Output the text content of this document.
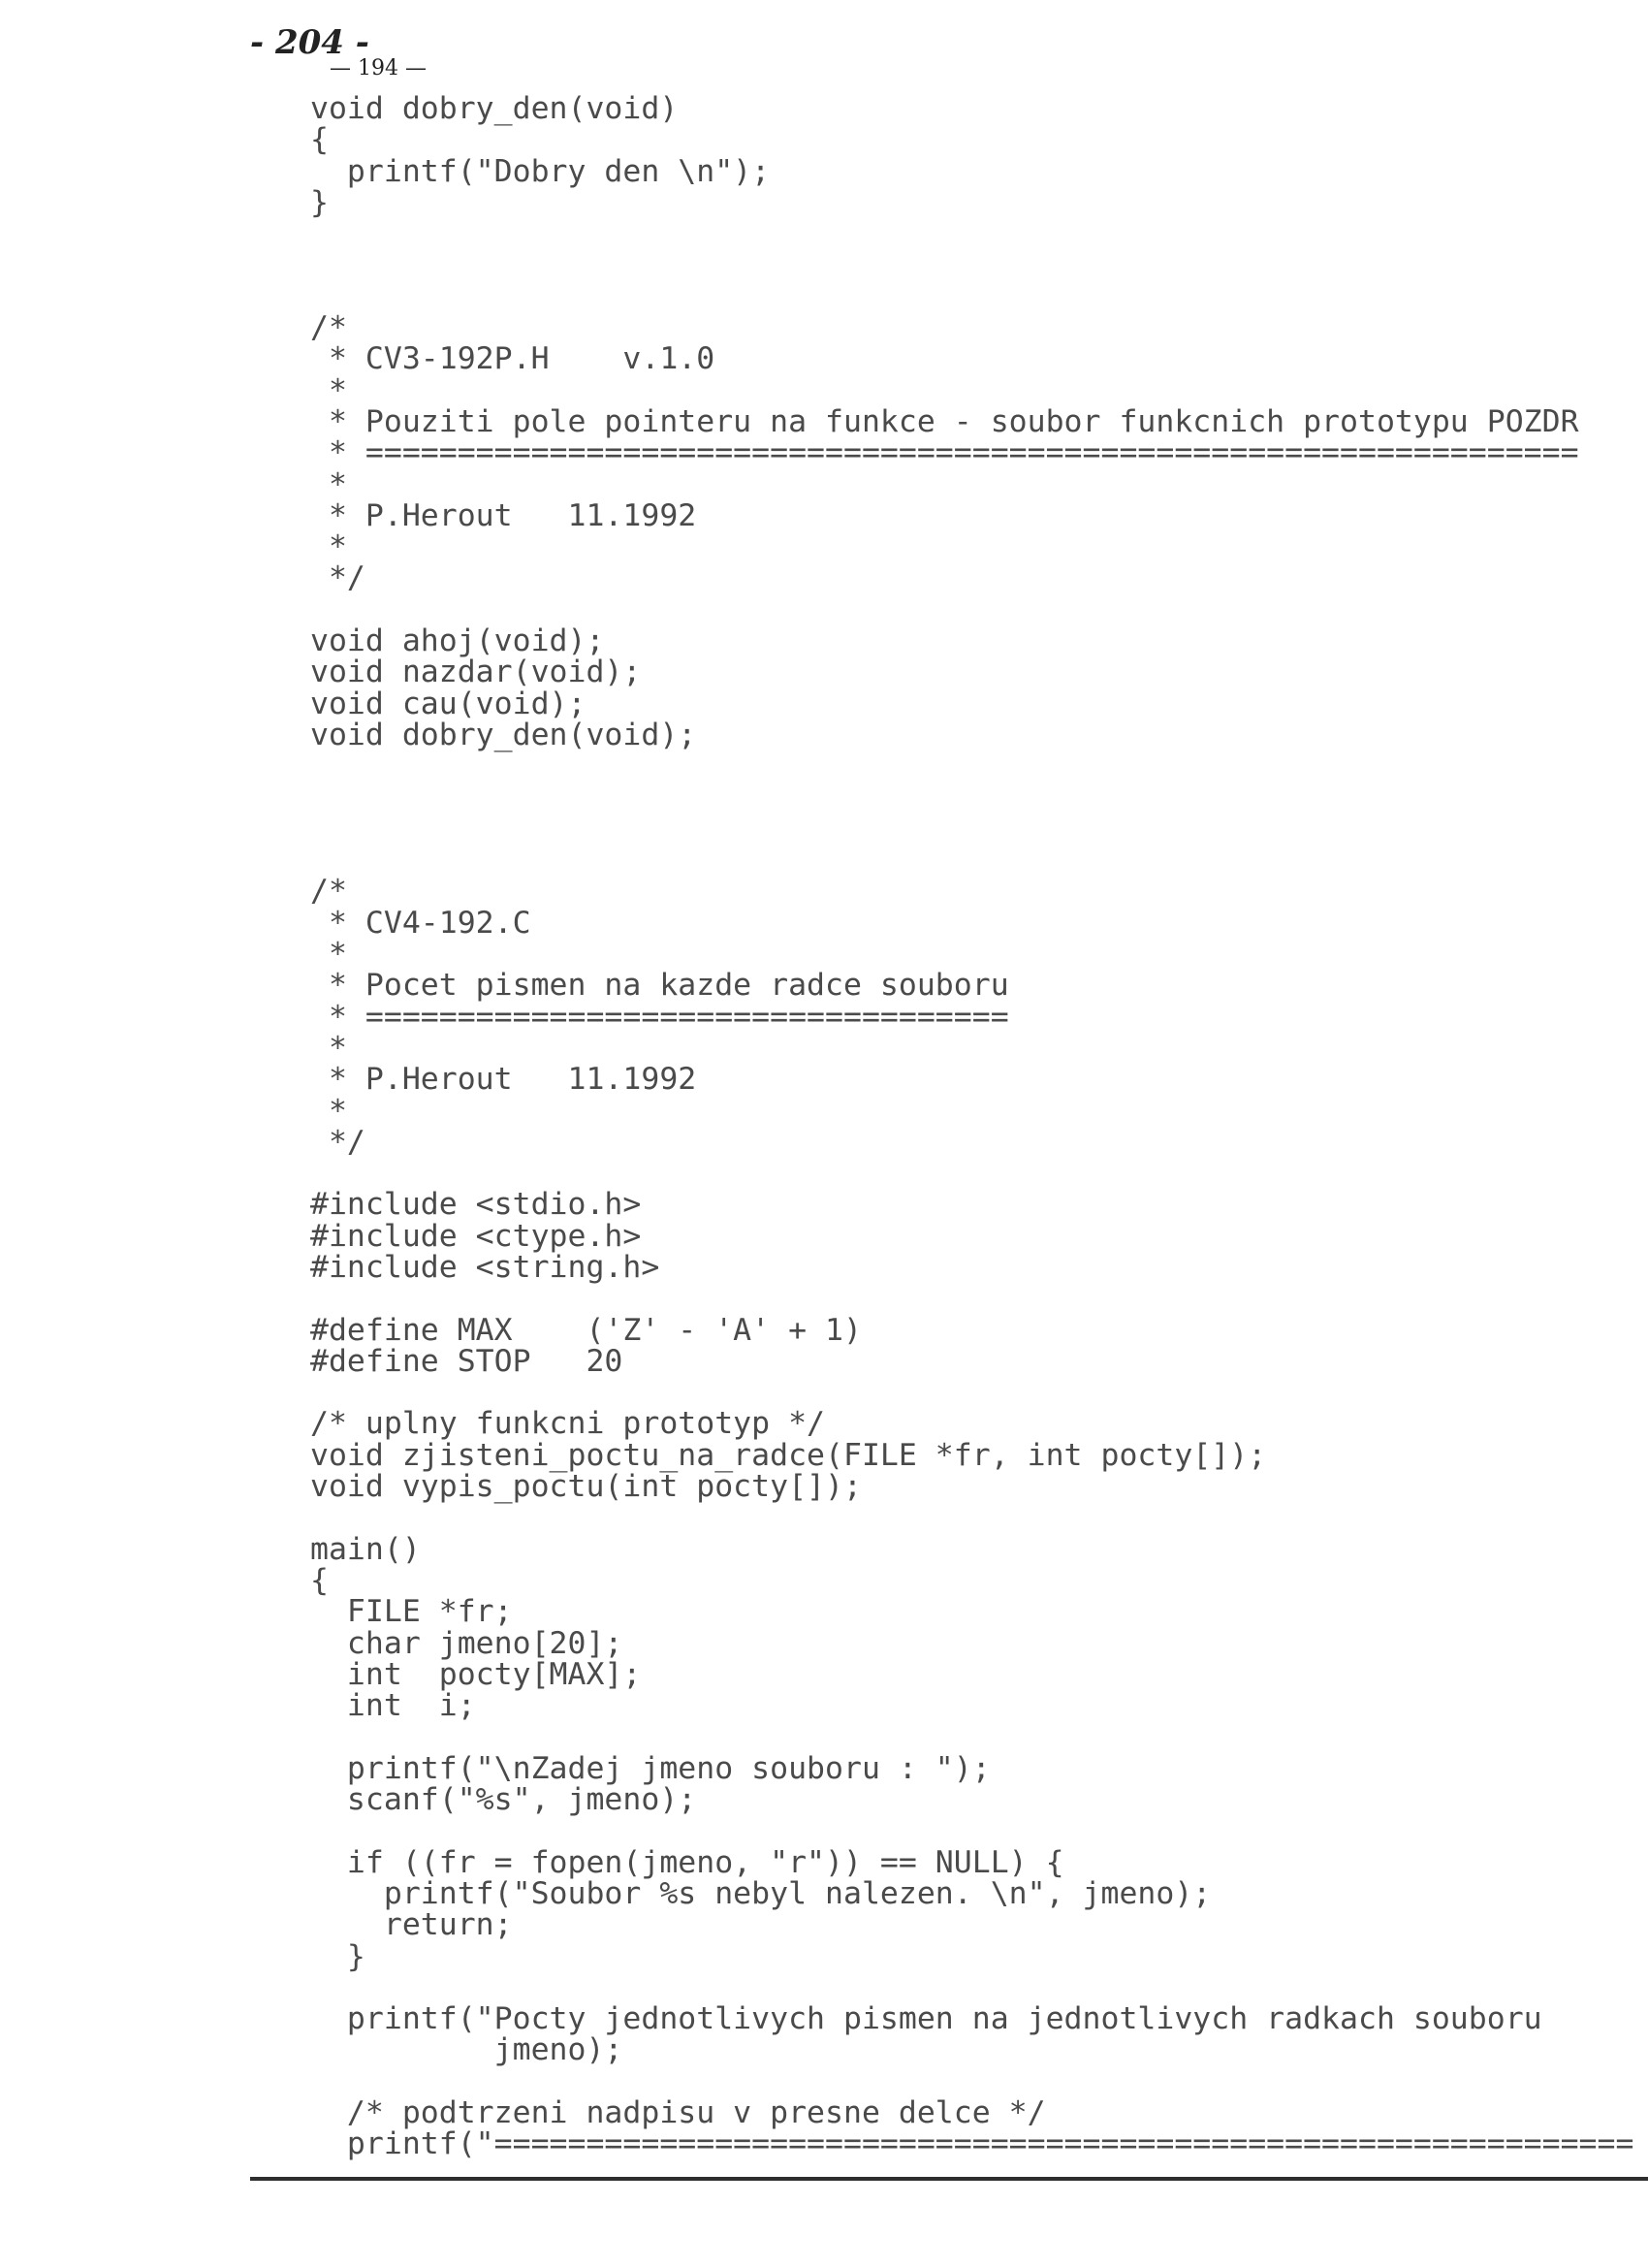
- 204 -
— 194 —
void dobry_den(void)
{
printf("Dobry den \n");
}
/*
* CV3-192P.H    v.1.0
*
* Pouziti pole pointeru na funkce - soubor funkcnich prototypu POZDR
* ==================================================================
*
* P.Herout   11.1992
*
*/
void ahoj(void);
void nazdar(void);
void cau(void);
void dobry_den(void);
/*
* CV4-192.C
*
* Pocet pismen na kazde radce souboru
* ===================================
*
* P.Herout   11.1992
*
*/
#include <stdio.h>
#include <ctype.h>
#include <string.h>
#define MAX    ('Z' - 'A' + 1)
#define STOP   20
/* uplny funkcni prototyp */
void zjisteni_poctu_na_radce(FILE *fr, int pocty[]);
void vypis_poctu(int pocty[]);
main()
{
FILE *fr;
char jmeno[20];
int  pocty[MAX];
int  i;
printf("\nZadej jmeno souboru : ");
scanf("%s", jmeno);
if ((fr = fopen(jmeno, "r")) == NULL) {
printf("Soubor %s nebyl nalezen. \n", jmeno);
return;
}
printf("Pocty jednotlivych pismen na jednotlivych radkach souboru
jmeno);
/* podtrzeni nadpisu v presne delce */
printf("==============================================================
